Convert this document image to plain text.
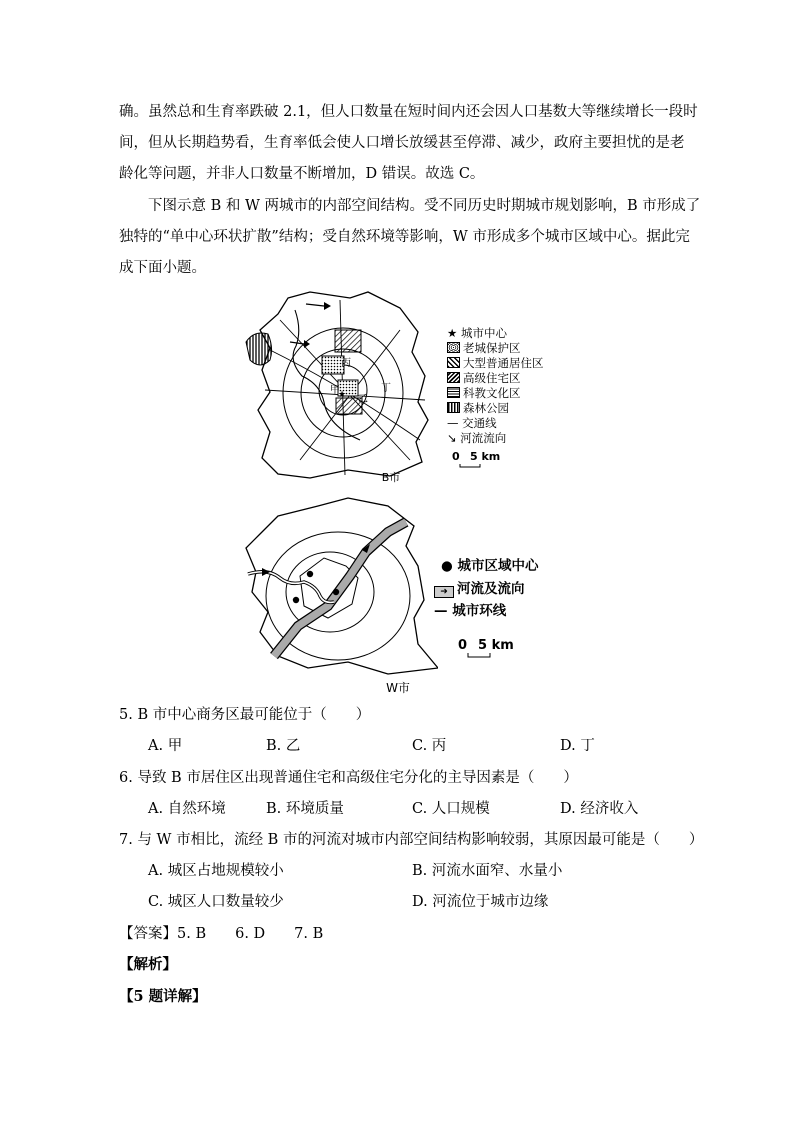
确。虽然总和生育率跌破 2.1，但人口数量在短时间内还会因人口基数大等继续增长一段时
间，但从长期趋势看，生育率低会使人口增长放缓甚至停滞、减少，政府主要担忧的是老
龄化等问题，并非人口数量不断增加，D 错误。故选 C。
下图示意 B 和 W 两城市的内部空间结构。受不同历史时期城市规划影响，B 市形成了
独特的“单中心环状扩散”结构；受自然环境等影响，W 市形成多个城市区域中心。据此完
成下面小题。
★
丙
甲
乙
丁
B市
★ 城市中心
老城保护区
大型普通居住区
高级住宅区
科教文化区
森林公园
— 交通线
↘ 河流流向
0 5 km
W市
● 城市区域中心
➜ 河流及流向
— 城市环线
0 5 km
5. B 市中心商务区最可能位于（　　）
A. 甲	B. 乙	C. 丙	D. 丁
6. 导致 B 市居住区出现普通住宅和高级住宅分化的主导因素是（　　）
A. 自然环境	B. 环境质量	C. 人口规模	D. 经济收入
7. 与 W 市相比，流经 B 市的河流对城市内部空间结构影响较弱，其原因最可能是（　　）
A. 城区占地规模较小	B. 河流水面窄、水量小
C. 城区人口数量较少	D. 河流位于城市边缘
【答案】5. B　　6. D　　7. B
【解析】
【5 题详解】
